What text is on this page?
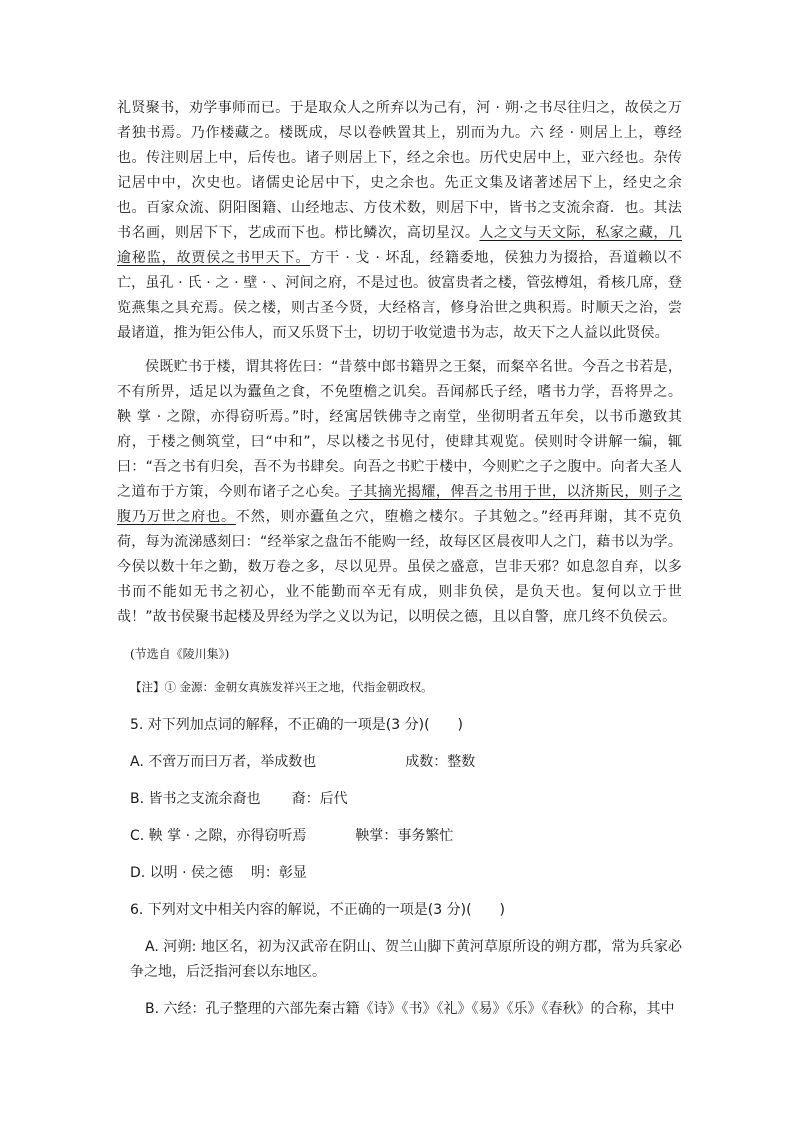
礼贤聚书，劝学事师而已。于是取众人之所弃以为己有，河 · 朔·之书尽往归之，故侯之万者独书焉。乃作楼藏之。楼既成，尽以卷帙置其上，别而为九。六 经 · 则居上上，尊经也。传注则居上中，后传也。诸子则居上下，经之余也。历代史居中上，亚六经也。杂传记居中中，次史也。诸儒史论居中下，史之余也。先正文集及诸著述居下上，经史之余也。百家众流、阴阳图籍、山经地志、方伎术数，则居下中，皆书之支流余裔．也。其法书名画，则居下下，艺成而下也。栉比鳞次，高切星汉。人之文与天文际，私家之藏，几逾秘监，故贾侯之书甲天下。方干 · 戈 · 坏乱，经籍委地，侯独力为掇拾，吾道赖以不亡，虽孔 · 氏 · 之 · 壁 · 、河间之府，不是过也。彼富贵者之楼，管弦樽俎，肴核几席，登览燕集之具充焉。侯之楼，则古圣今贤，大经格言，修身治世之典积焉。时顺天之治，尝最诸道，推为钜公伟人，而又乐贤下士，切切于收觉遗书为志，故天下之人益以此贤侯。

侯既贮书于楼，谓其将佐曰：“昔蔡中郎书籍畀之王粲，而粲卒名世。今吾之书若是，不有所畀，适足以为蠹鱼之食，不免堕檐之讥矣。吾闻郝氏子经，嗜书力学，吾将畀之。鞅 掌 · 之隙，亦得窃听焉。”时，经寓居铁佛寺之南堂，坐彻明者五年矣，以书币邀致其府，于楼之侧筑堂，曰“中和”，尽以楼之书见付，使肆其观览。侯则时令讲解一编，辄曰：“吾之书有归矣，吾不为书肆矣。向吾之书贮于楼中，今则贮之子之腹中。向者大圣人之道布于方策，今则布诸子之心矣。子其摘光揭耀，俾吾之书用于世，以济斯民，则子之腹乃万世之府也。不然，则亦蠹鱼之穴，堕檐之楼尔。子其勉之。”经再拜谢，其不克负荷，每为流涕感刻曰：“经举家之盘缶不能购一经，故每区区晨夜叩人之门，藉书以为学。今侯以数十年之勤，数万卷之多，尽以见畀。虽侯之盛意，岂非天邪？如息忽自弃，以多书而不能如无书之初心，业不能勤而卒无有成，则非负侯，是负天也。复何以立于世哉！”故书侯聚书起楼及畀经为学之义以为记，以明侯之德，且以自警，庶几终不负侯云。

(节选自《陵川集》)
【注】① 金源：金朝女真族发祥兴王之地，代指金朝政权。

5. 对下列加点词的解释，不正确的一项是(3 分)(　　)

A. 不啻万而曰万者，举成数也                    成数：整数

B. 皆书之支流余裔也       裔：后代

C. 鞅 掌 · 之隙，亦得窃听焉           鞅掌：事务繁忙

D. 以明 · 侯之德    明：彰显

6. 下列对文中相关内容的解说，不正确的一项是(3 分)(　　)

A. 河朔: 地区名，初为汉武帝在阴山、贺兰山脚下黄河草原所设的朔方郡，常为兵家必争之地，后泛指河套以东地区。

B. 六经：孔子整理的六部先秦古籍《诗》《书》《礼》《易》《乐》《春秋》的合称，其中
